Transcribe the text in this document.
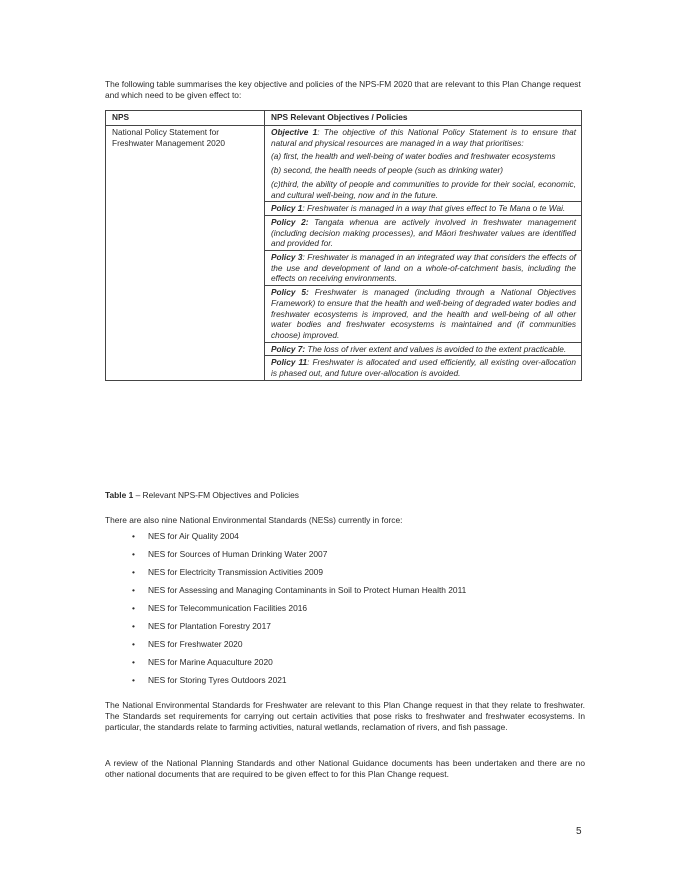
The following table summarises the key objective and policies of the NPS-FM 2020 that are relevant to this Plan Change request and which need to be given effect to:
NPS	NPS Relevant Objectives / Policies
National Policy Statement for Freshwater Management 2020	Objective 1: The objective of this National Policy Statement is to ensure that natural and physical resources are managed in a way that prioritises:

(a) first, the health and well-being of water bodies and freshwater ecosystems

(b) second, the health needs of people (such as drinking water)

(c)third, the ability of people and communities to provide for their social, economic, and cultural well-being, now and in the future.

	Policy 1: Freshwater is managed in a way that gives effect to Te Mana o te Wai.
	Policy 2: Tangata whenua are actively involved in freshwater management (including decision making processes), and Māori freshwater values are identified and provided for.
	Policy 3: Freshwater is managed in an integrated way that considers the effects of the use and development of land on a whole-of-catchment basis, including the effects on receiving environments.
	Policy 5: Freshwater is managed (including through a National Objectives Framework) to ensure that the health and well-being of degraded water bodies and freshwater ecosystems is improved, and the health and well-being of all other water bodies and freshwater ecosystems is maintained and (if communities choose) improved.
	Policy 7: The loss of river extent and values is avoided to the extent practicable.
	Policy 11: Freshwater is allocated and used efficiently, all existing over-allocation is phased out, and future over-allocation is avoided.
Table 1 – Relevant NPS-FM Objectives and Policies
There are also nine National Environmental Standards (NESs) currently in force:
• NES for Air Quality 2004
• NES for Sources of Human Drinking Water 2007
• NES for Electricity Transmission Activities 2009
• NES for Assessing and Managing Contaminants in Soil to Protect Human Health 2011
• NES for Telecommunication Facilities 2016
• NES for Plantation Forestry 2017
• NES for Freshwater 2020
• NES for Marine Aquaculture 2020
• NES for Storing Tyres Outdoors 2021
The National Environmental Standards for Freshwater are relevant to this Plan Change request in that they relate to freshwater. The Standards set requirements for carrying out certain activities that pose risks to freshwater and freshwater ecosystems. In particular, the standards relate to farming activities, natural wetlands, reclamation of rivers, and fish passage.
A review of the National Planning Standards and other National Guidance documents has been undertaken and there are no other national documents that are required to be given effect to for this Plan Change request.
5
